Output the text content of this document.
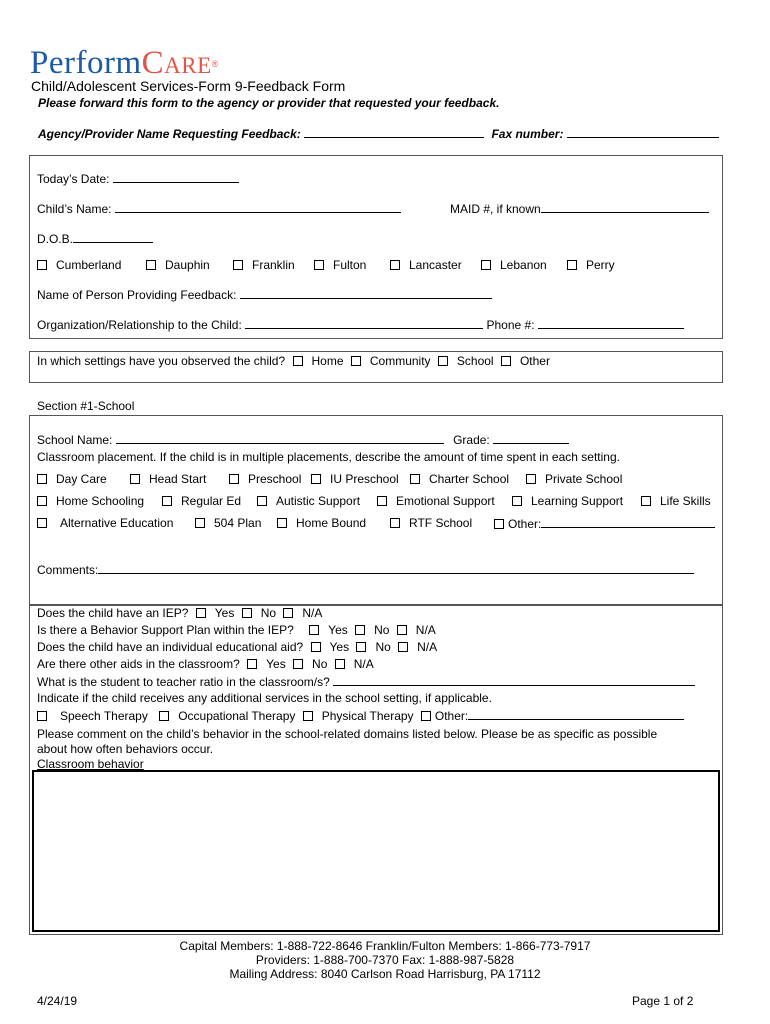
PerformCare®
Child/Adolescent Services-Form 9-Feedback Form
Please forward this form to the agency or provider that requested your feedback.
Agency/Provider Name Requesting Feedback:	Fax number:
Today’s Date:
Child’s Name:	MAID #, if known
D.O.B.
Cumberland	Dauphin	Franklin	Fulton	Lancaster	Lebanon	Perry
Name of Person Providing Feedback:
Organization/Relationship to the Child:	Phone #:
In which settings have you observed the child? Home Community School Other
Section #1-School
School Name:	Grade:
Classroom placement. If the child is in multiple placements, describe the amount of time spent in each setting.
Day Care	Head Start	Preschool	IU Preschool	Charter School	Private School
Home Schooling	Regular Ed	Autistic Support	Emotional Support	Learning Support	Life Skills
Alternative Education	504 Plan	Home Bound	RTF School	Other:
Comments:
Does the child have an IEP? Yes No N/A
Is there a Behavior Support Plan within the IEP?	Yes No N/A
Does the child have an individual educational aid? Yes No N/A
Are there other aids in the classroom? Yes No N/A
What is the student to teacher ratio in the classroom/s?
Indicate if the child receives any additional services in the school setting, if applicable.
Speech Therapy	Occupational Therapy Physical Therapy Other:
Please comment on the child’s behavior in the school-related domains listed below. Please be as specific as possible
about how often behaviors occur.
Classroom behavior
Capital Members: 1-888-722-8646 Franklin/Fulton Members: 1-866-773-7917
Providers: 1-888-700-7370 Fax: 1-888-987-5828
Mailing Address: 8040 Carlson Road Harrisburg, PA 17112
4/24/19	Page 1 of 2
